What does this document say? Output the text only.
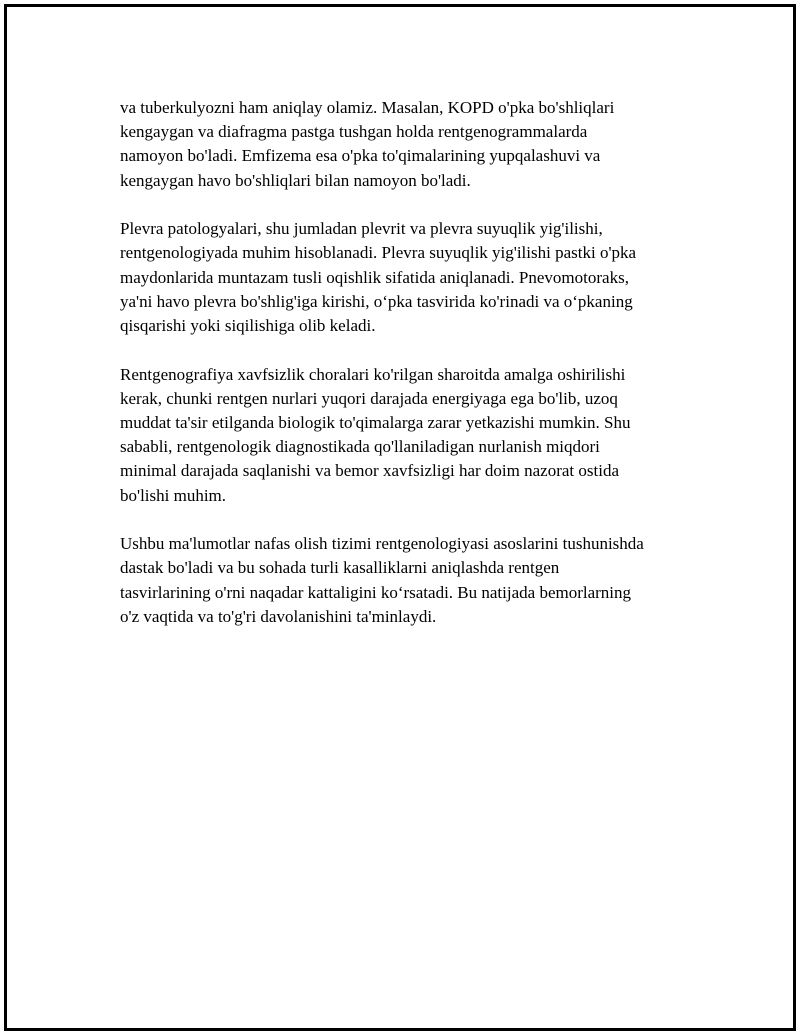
va tuberkulyozni ham aniqlay olamiz. Masalan, KOPD o'pka bo'shliqlari
kengaygan va diafragma pastga tushgan holda rentgenogrammalarda
namoyon bo'ladi. Emfizema esa o'pka to'qimalarining yupqalashuvi va
kengaygan havo bo'shliqlari bilan namoyon bo'ladi.

Plevra patologyalari, shu jumladan plevrit va plevra suyuqlik yig'ilishi,
rentgenologiyada muhim hisoblanadi. Plevra suyuqlik yig'ilishi pastki o'pka
maydonlarida muntazam tusli oqishlik sifatida aniqlanadi. Pnevomotoraks,
ya'ni havo plevra bo'shlig'iga kirishi, o‘pka tasvirida ko'rinadi va o‘pkaning
qisqarishi yoki siqilishiga olib keladi.

Rentgenografiya xavfsizlik choralari ko'rilgan sharoitda amalga oshirilishi
kerak, chunki rentgen nurlari yuqori darajada energiyaga ega bo'lib, uzoq
muddat ta'sir etilganda biologik to'qimalarga zarar yetkazishi mumkin. Shu
sababli, rentgenologik diagnostikada qo'llaniladigan nurlanish miqdori
minimal darajada saqlanishi va bemor xavfsizligi har doim nazorat ostida
bo'lishi muhim.

Ushbu ma'lumotlar nafas olish tizimi rentgenologiyasi asoslarini tushunishda
dastak bo'ladi va bu sohada turli kasalliklarni aniqlashda rentgen
tasvirlarining o'rni naqadar kattaligini ko‘rsatadi. Bu natijada bemorlarning
o'z vaqtida va to'g'ri davolanishini ta'minlaydi.
